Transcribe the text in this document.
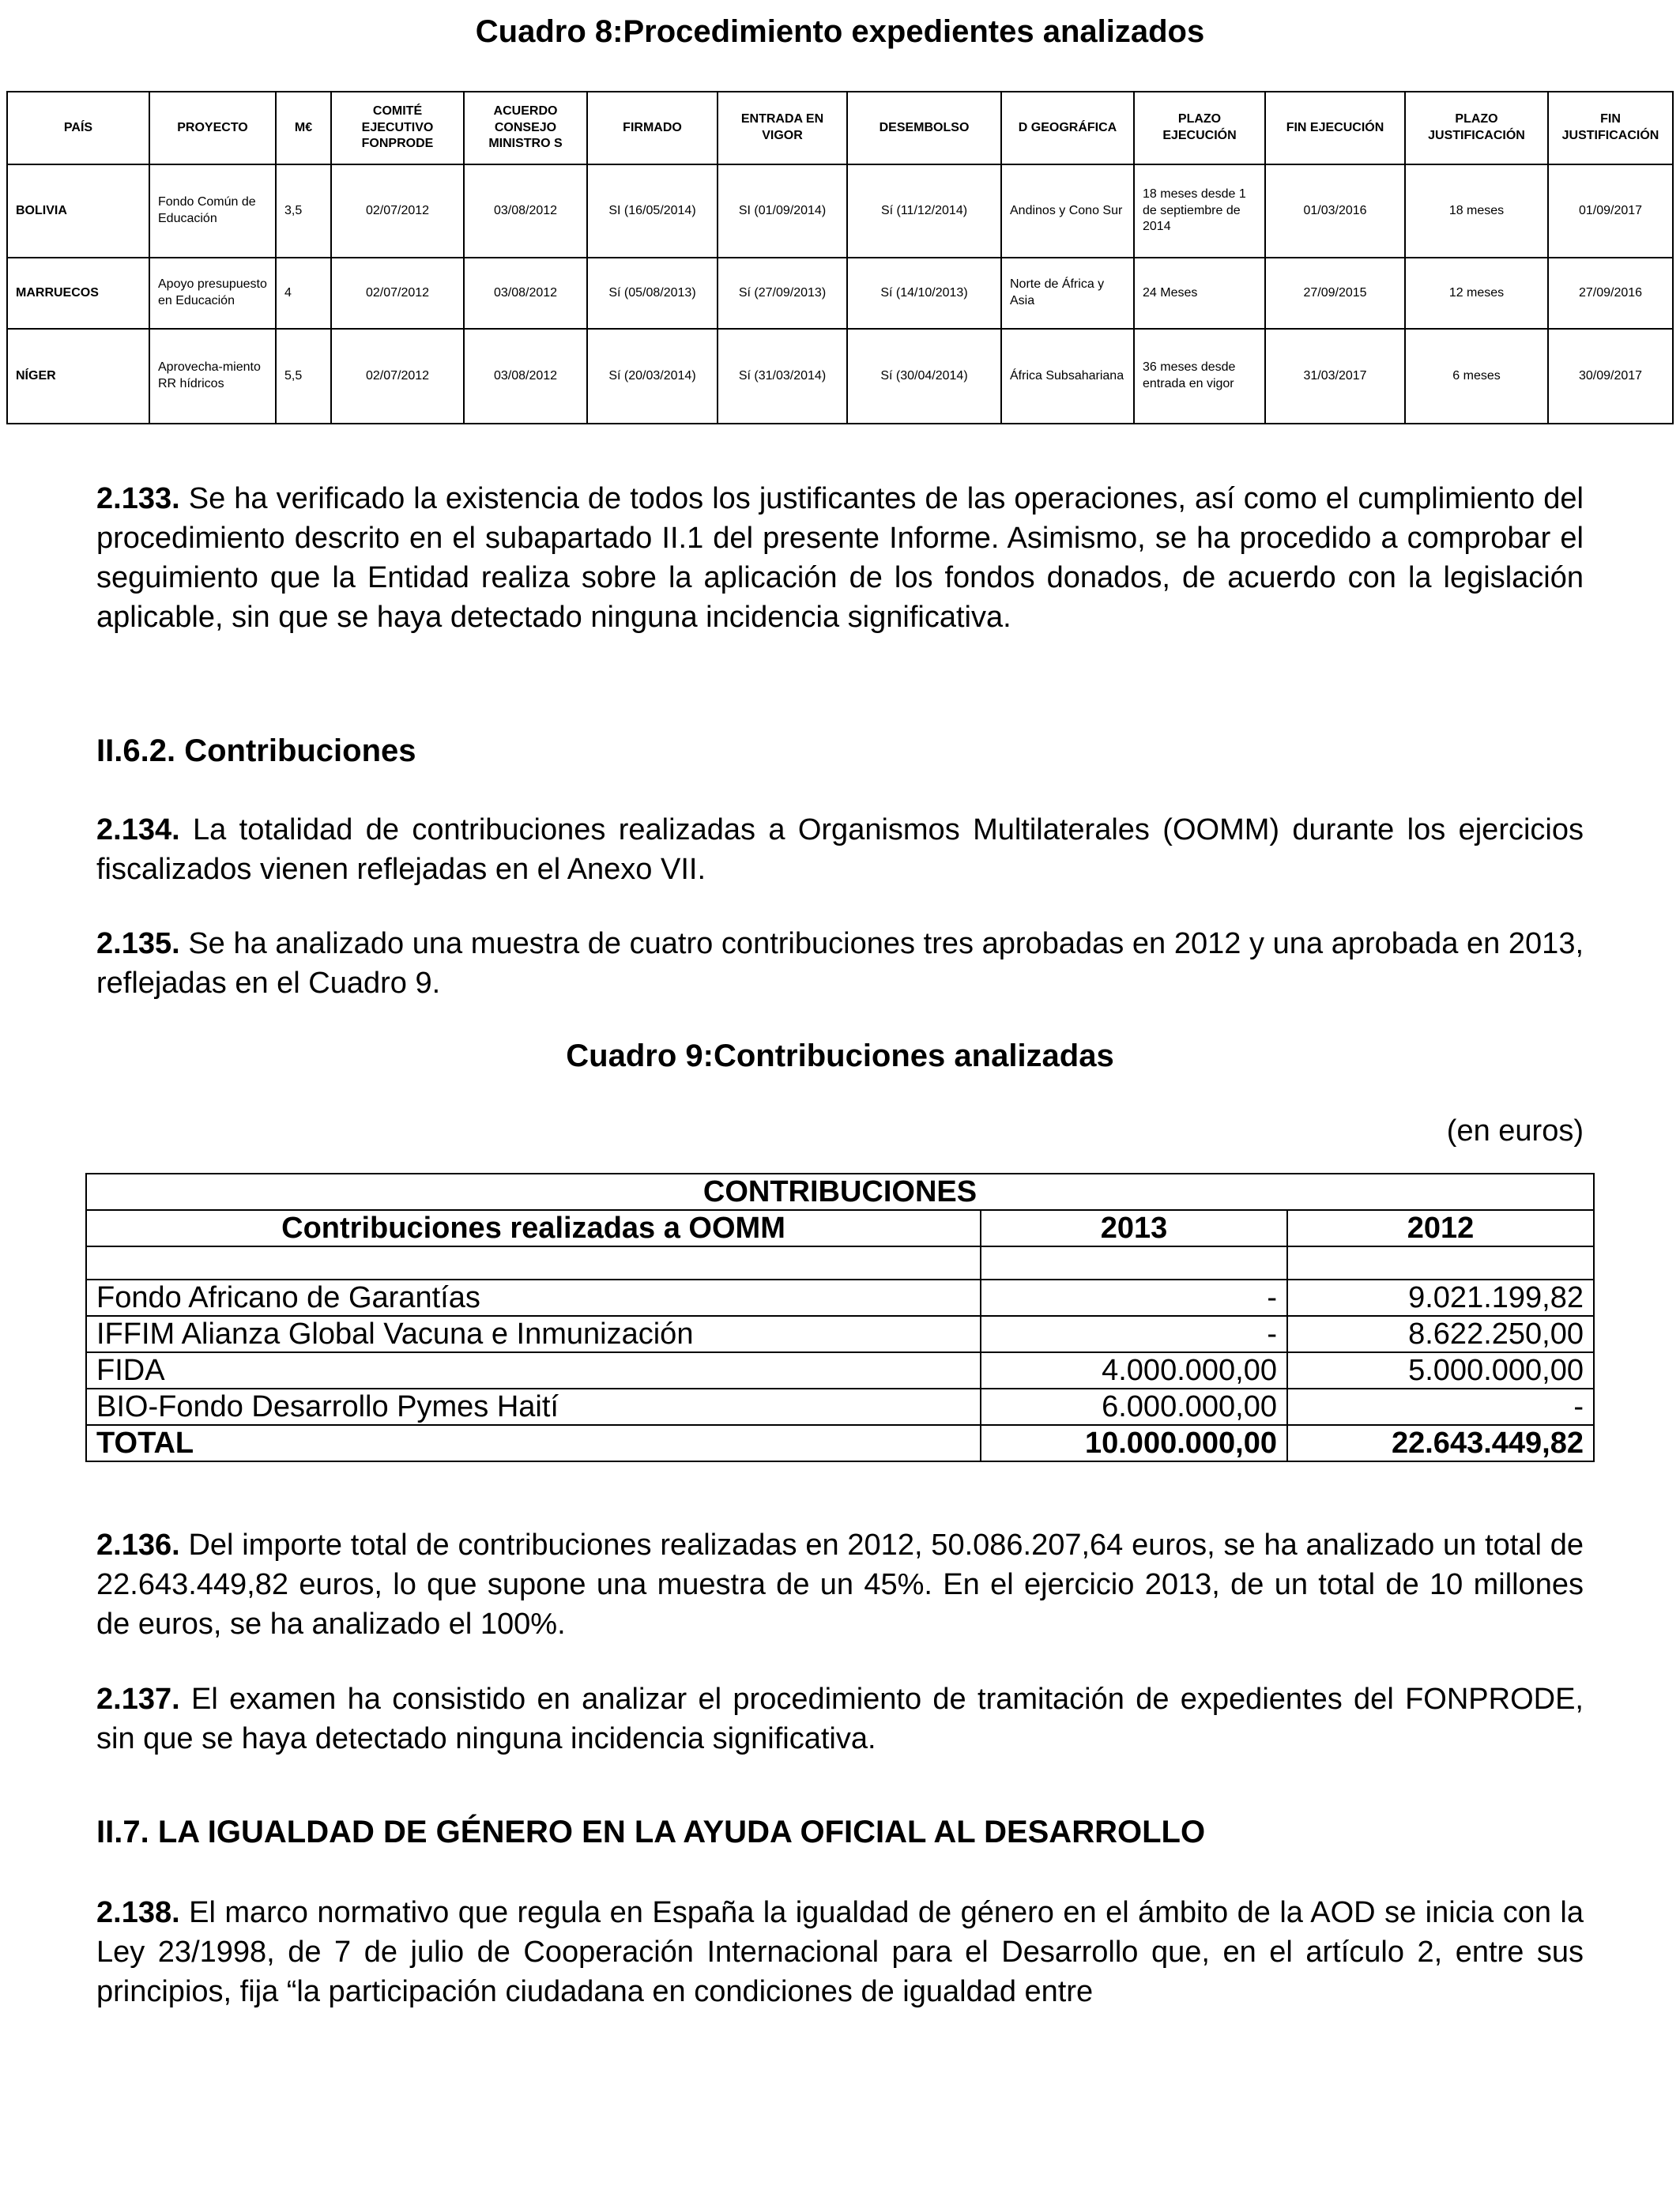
Cuadro 8:Procedimiento expedientes analizados
PAÍS	PROYECTO	M€	COMITÉ EJECUTIVO FONPRODE	ACUERDO CONSEJO MINISTRO S	FIRMADO	ENTRADA EN VIGOR	DESEMBOLSO	D GEOGRÁFICA	PLAZO EJECUCIÓN	FIN EJECUCIÓN	PLAZO JUSTIFICACIÓN	FIN JUSTIFICACIÓN
BOLIVIA	Fondo Común de Educación	3,5	02/07/2012	03/08/2012	SI (16/05/2014)	SI (01/09/2014)	Sí (11/12/2014)	Andinos y Cono Sur	18 meses desde 1 de septiembre de 2014	01/03/2016	18 meses	01/09/2017
MARRUECOS	Apoyo presupuesto en Educación	4	02/07/2012	03/08/2012	Sí (05/08/2013)	Sí (27/09/2013)	Sí (14/10/2013)	Norte de África y Asia	24 Meses	27/09/2015	12 meses	27/09/2016
NÍGER	Aprovecha-miento RR hídricos	5,5	02/07/2012	03/08/2012	Sí (20/03/2014)	Sí (31/03/2014)	Sí (30/04/2014)	África Subsahariana	36 meses desde entrada en vigor	31/03/2017	6 meses	30/09/2017
2.133. Se ha verificado la existencia de todos los justificantes de las operaciones, así como el cumplimiento del procedimiento descrito en el subapartado II.1 del presente Informe. Asimismo, se ha procedido a comprobar el seguimiento que la Entidad realiza sobre la aplicación de los fondos donados, de acuerdo con la legislación aplicable, sin que se haya detectado ninguna incidencia significativa.
II.6.2. Contribuciones
2.134. La totalidad de contribuciones realizadas a Organismos Multilaterales (OOMM) durante los ejercicios fiscalizados vienen reflejadas en el Anexo VII.
2.135. Se ha analizado una muestra de cuatro contribuciones tres aprobadas en 2012 y una aprobada en 2013, reflejadas en el Cuadro 9.
Cuadro 9:Contribuciones analizadas
(en euros)
CONTRIBUCIONES		
Contribuciones realizadas a OOMM	2013	2012

Fondo Africano de Garantías	-	9.021.199,82
IFFIM Alianza Global Vacuna e Inmunización	-	8.622.250,00
FIDA	4.000.000,00	5.000.000,00
BIO-Fondo Desarrollo Pymes Haití	6.000.000,00	-
TOTAL	10.000.000,00	22.643.449,82
2.136. Del importe total de contribuciones realizadas en 2012, 50.086.207,64 euros, se ha analizado un total de 22.643.449,82 euros, lo que supone una muestra de un 45%. En el ejercicio 2013, de un total de 10 millones de euros, se ha analizado el 100%.
2.137. El examen ha consistido en analizar el procedimiento de tramitación de expedientes del FONPRODE, sin que se haya detectado ninguna incidencia significativa.
II.7. LA IGUALDAD DE GÉNERO EN LA AYUDA OFICIAL AL DESARROLLO
2.138. El marco normativo que regula en España la igualdad de género en el ámbito de la AOD se inicia con la Ley 23/1998, de 7 de julio de Cooperación Internacional para el Desarrollo que, en el artículo 2, entre sus principios, fija “la participación ciudadana en condiciones de igualdad entre
